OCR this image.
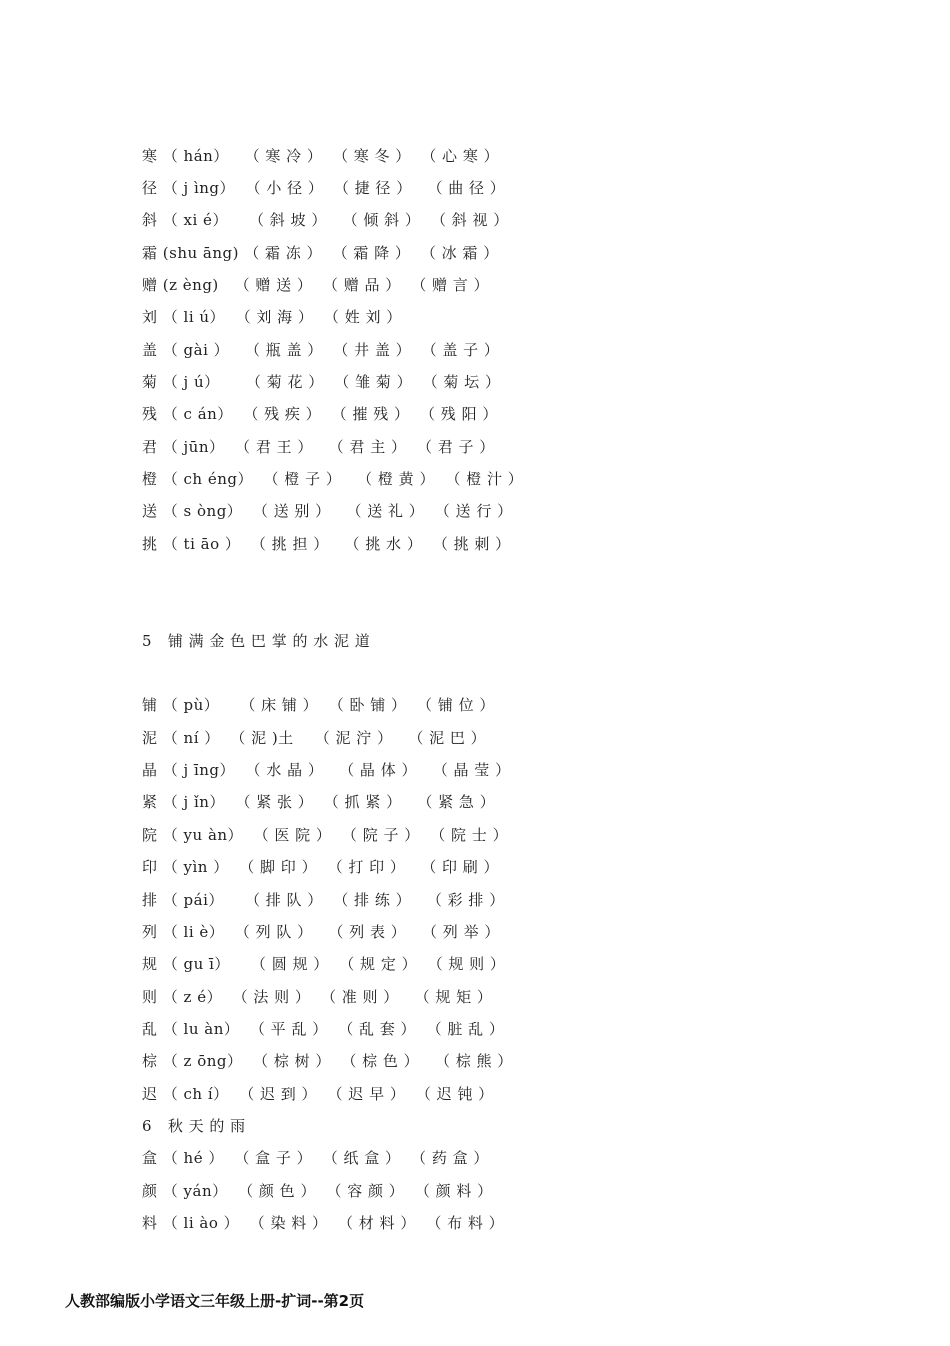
寒 （ hán）   （ 寒 冷 ）  （ 寒 冬 ）  （ 心 寒 ）
径 （ j ìng）  （ 小 径 ）  （ 捷 径 ）   （ 曲 径 ）
斜 （ xi é）    （ 斜 坡 ）   （ 倾 斜 ）  （ 斜 视 ）
霜 (shu āng) （ 霜 冻 ）  （ 霜 降 ）  （ 冰 霜 ）
赠 (z èng)   （ 赠 送 ）  （ 赠 品 ）  （ 赠 言 ）
刘 （ li ú）  （ 刘 海 ）  （ 姓 刘 ）
盖 （ gài ）   （ 瓶 盖 ）  （ 井 盖 ）  （ 盖 子 ）
菊 （ j ú）     （ 菊 花 ）  （ 雏 菊 ）  （ 菊 坛 ）
残 （ c án）  （ 残 疾 ）  （ 摧 残 ）  （ 残 阳 ）
君 （ jūn）  （ 君 王 ）   （ 君 主 ）  （ 君 子 ）
橙 （ ch éng）  （ 橙 子 ）   （ 橙 黄 ）  （ 橙 汁 ）
送 （ s òng）  （ 送 别 ）   （ 送 礼 ）  （ 送 行 ）
挑 （ ti āo ）  （ 挑 担 ）   （ 挑 水 ）  （ 挑 刺 ）
5   铺 满 金 色 巴 掌 的 水 泥 道
铺 （ pù）    （ 床 铺 ）  （ 卧 铺 ）  （ 铺 位 ）
泥 （ ní ）  （ 泥 )土    （ 泥 泞 ）   （ 泥 巴 ）
晶 （ j īng）  （ 水 晶 ）   （ 晶 体 ）   （ 晶 莹 ）
紧 （ j ǐn）  （ 紧 张 ）  （ 抓 紧 ）   （ 紧 急 ）
院 （ yu àn）  （ 医 院 ）  （ 院 子 ）  （ 院 士 ）
印 （ yìn ）  （ 脚 印 ）  （ 打 印 ）   （ 印 刷 ）
排 （ pái）    （ 排 队 ）  （ 排 练 ）   （ 彩 排 ）
列 （ li è）  （ 列 队 ）   （ 列 表 ）   （ 列 举 ）
规 （ gu ī）    （ 圆 规 ）  （ 规 定 ）  （ 规 则 ）
则 （ z é）  （ 法 则 ）  （ 准 则 ）   （ 规 矩 ）
乱 （ lu àn）  （ 平 乱 ）  （ 乱 套 ）  （ 脏 乱 ）
棕 （ z ōng）  （ 棕 树 ）  （ 棕 色 ）   （ 棕 熊 ）
迟 （ ch í）  （ 迟 到 ）  （ 迟 早 ）  （ 迟 钝 ）
6   秋 天 的 雨
盒 （ hé ）  （ 盒 子 ）  （ 纸 盒 ）  （ 药 盒 ）
颜 （ yán）  （ 颜 色 ）  （ 容 颜 ）  （ 颜 料 ）
料 （ li ào ）  （ 染 料 ）  （ 材 料 ）  （ 布 料 ）
人教部编版小学语文三年级上册-扩词--第2页
